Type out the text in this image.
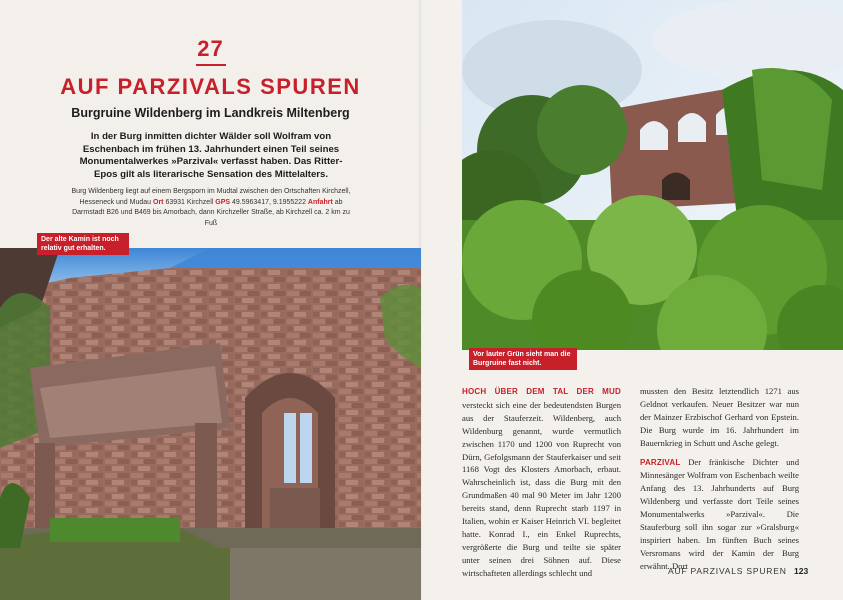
27
AUF PARZIVALS SPUREN
Burgruine Wildenberg im Landkreis Miltenberg
In der Burg inmitten dichter Wälder soll Wolfram von Eschenbach im frühen 13. Jahrhundert einen Teil seines Monumentalwerkes »Parzival« verfasst haben. Das Ritter-Epos gilt als literarische Sensation des Mittelalters.
Burg Wildenberg liegt auf einem Bergsporn im Mudtal zwischen den Ortschaften Kirchzell, Hesseneck und Mudau Ort 63931 Kirchzell GPS 49.5963417, 9.1955222 Anfahrt ab Darmstadt B26 und B469 bis Amorbach, dann Kirchzeller Straße, ab Kirchzell ca. 2 km zu Fuß
Der alte Kamin ist noch relativ gut erhalten.
Vor lauter Grün sieht man die Burgruine fast nicht.
HOCH ÜBER DEM TAL DER MUD versteckt sich eine der bedeutendsten Burgen aus der Stauferzeit. Wildenberg, auch Wildenburg genannt, wurde vermutlich zwischen 1170 und 1200 von Ruprecht von Dürn, Gefolgsmann der Stauferkaiser und seit 1168 Vogt des Klosters Amorbach, erbaut. Wahrscheinlich ist, dass die Burg mit den Grundmaßen 40 mal 90 Meter im Jahr 1200 bereits stand, denn Ruprecht starb 1197 in Italien, wohin er Kaiser Heinrich VI. begleitet hatte. Konrad I., ein Enkel Ruprechts, vergrößerte die Burg und teilte sie später unter seinen drei Söhnen auf. Diese wirtschafteten allerdings schlecht und
mussten den Besitz letztendlich 1271 aus Geldnot verkaufen. Neuer Besitzer war nun der Mainzer Erzbischof Gerhard von Epstein. Die Burg wurde im 16. Jahrhundert im Bauernkrieg in Schutt und Asche gelegt.
PARZIVAL Der fränkische Dichter und Minnesänger Wolfram von Eschenbach weilte Anfang des 13. Jahrhunderts auf Burg Wildenberg und verfasste dort Teile seines Monumentalwerks »Parzival«. Die Stauferburg soll ihn sogar zur »Gralsburg« inspiriert haben. Im fünften Buch seines Versromans wird der Kamin der Burg erwähnt. Dort
AUF PARZIVALS SPUREN 123
